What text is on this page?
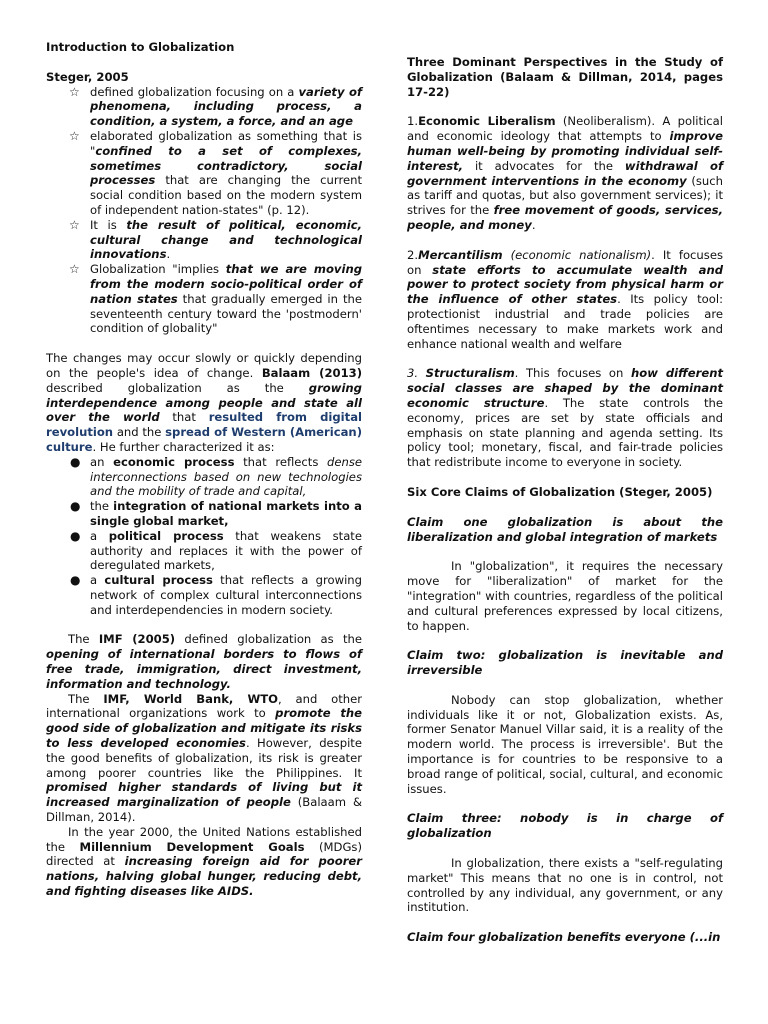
Introduction to Globalization

Steger, 2005

☆ defined globalization focusing on a variety of phenomena, including process, a condition, a system, a force, and an age
☆ elaborated globalization as something that is "confined to a set of complexes, sometimes contradictory, social processes that are changing the current social condition based on the modern system of independent nation-states" (p. 12).
☆ It is the result of political, economic, cultural change and technological innovations.
☆ Globalization "implies that we are moving from the modern socio-political order of nation states that gradually emerged in the seventeenth century toward the 'postmodern' condition of globality"

The changes may occur slowly or quickly depending on the people's idea of change. Balaam (2013) described globalization as the growing interdependence among people and state all over the world that resulted from digital revolution and the spread of Western (American) culture. He further characterized it as:

● an economic process that reflects dense interconnections based on new technologies and the mobility of trade and capital,
● the integration of national markets into a single global market,
● a political process that weakens state authority and replaces it with the power of deregulated markets,
● a cultural process that reflects a growing network of complex cultural interconnections and interdependencies in modern society.

The IMF (2005) defined globalization as the opening of international borders to flows of free trade, immigration, direct investment, information and technology.

The IMF, World Bank, WTO, and other international organizations work to promote the good side of globalization and mitigate its risks to less developed economies. However, despite the good benefits of globalization, its risk is greater among poorer countries like the Philippines. It promised higher standards of living but it increased marginalization of people (Balaam & Dillman, 2014).

In the year 2000, the United Nations established the Millennium Development Goals (MDGs) directed at increasing foreign aid for poorer nations, halving global hunger, reducing debt, and fighting diseases like AIDS.

Three Dominant Perspectives in the Study of Globalization (Balaam & Dillman, 2014, pages 17-22)

1.Economic Liberalism (Neoliberalism). A political and economic ideology that attempts to improve human well-being by promoting individual self-interest, it advocates for the withdrawal of government interventions in the economy (such as tariff and quotas, but also government services); it strives for the free movement of goods, services, people, and money.

2.Mercantilism (economic nationalism). It focuses on state efforts to accumulate wealth and power to protect society from physical harm or the influence of other states. Its policy tool: protectionist industrial and trade policies are oftentimes necessary to make markets work and enhance national wealth and welfare

3. Structuralism. This focuses on how different social classes are shaped by the dominant economic structure. The state controls the economy, prices are set by state officials and emphasis on state planning and agenda setting. Its policy tool; monetary, fiscal, and fair-trade policies that redistribute income to everyone in society.

Six Core Claims of Globalization (Steger, 2005)

Claim one globalization is about the liberalization and global integration of markets

In "globalization", it requires the necessary move for "liberalization" of market for the "integration" with countries, regardless of the political and cultural preferences expressed by local citizens, to happen.

Claim two: globalization is inevitable and irreversible

Nobody can stop globalization, whether individuals like it or not, Globalization exists. As, former Senator Manuel Villar said, it is a reality of the modern world. The process is irreversible'. But the importance is for countries to be responsive to a broad range of political, social, cultural, and economic issues.

Claim three: nobody is in charge of globalization

In globalization, there exists a "self-regulating market" This means that no one is in control, not controlled by any individual, any government, or any institution.

Claim four globalization benefits everyone (...in
